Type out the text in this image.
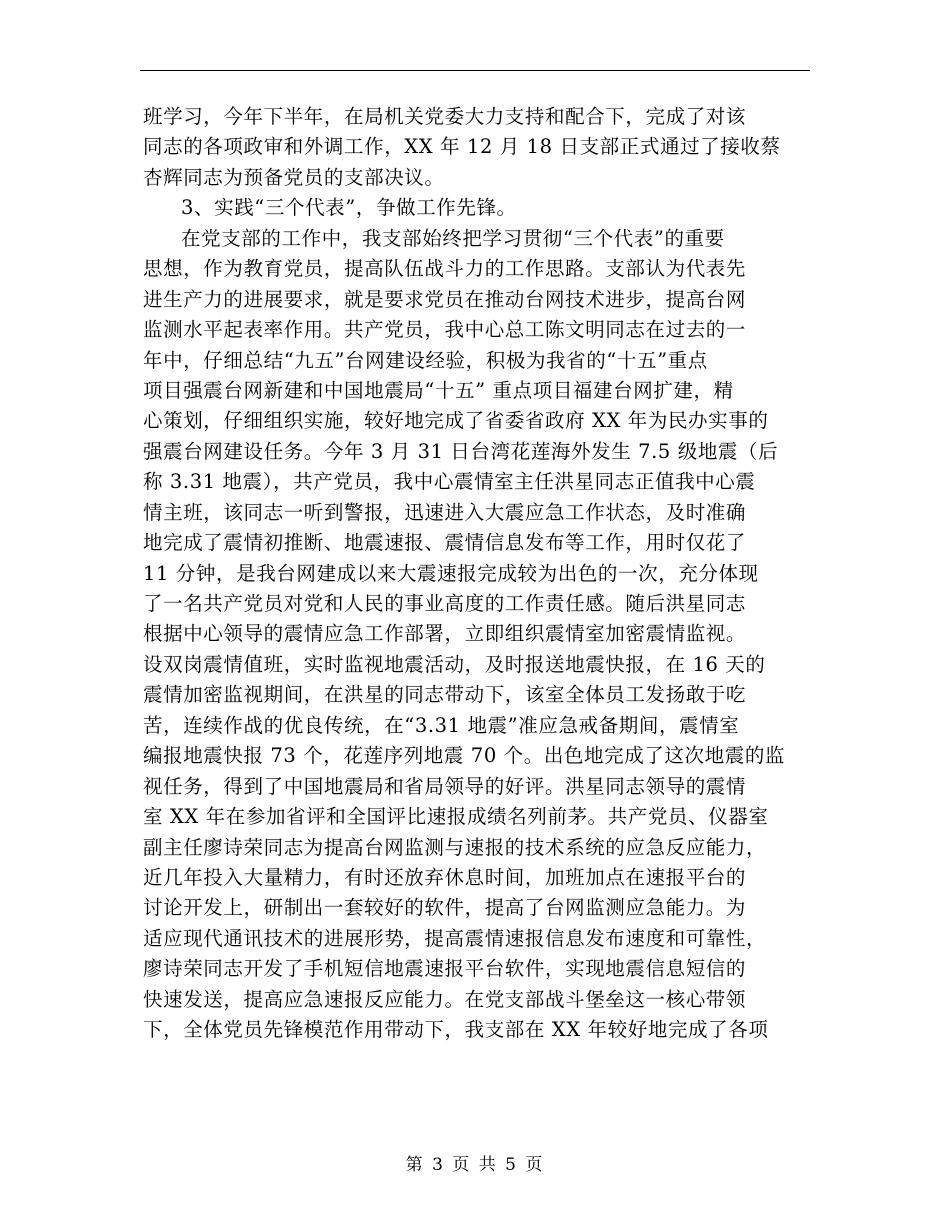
班学习，今年下半年，在局机关党委大力支持和配合下，完成了对该
同志的各项政审和外调工作，XX 年 12 月 18 日支部正式通过了接收蔡
杏辉同志为预备党员的支部决议。
3、实践“三个代表”，争做工作先锋。
在党支部的工作中，我支部始终把学习贯彻“三个代表”的重要
思想，作为教育党员，提高队伍战斗力的工作思路。支部认为代表先
进生产力的进展要求，就是要求党员在推动台网技术进步，提高台网
监测水平起表率作用。共产党员，我中心总工陈文明同志在过去的一
年中，仔细总结“九五”台网建设经验，积极为我省的“十五”重点
项目强震台网新建和中国地震局“十五” 重点项目福建台网扩建，精
心策划，仔细组织实施，较好地完成了省委省政府 XX 年为民办实事的
强震台网建设任务。今年 3 月 31 日台湾花莲海外发生 7.5 级地震（后
称 3.31 地震），共产党员，我中心震情室主任洪星同志正值我中心震
情主班，该同志一听到警报，迅速进入大震应急工作状态，及时准确
地完成了震情初推断、地震速报、震情信息发布等工作，用时仅花了
11 分钟，是我台网建成以来大震速报完成较为出色的一次，充分体现
了一名共产党员对党和人民的事业高度的工作责任感。随后洪星同志
根据中心领导的震情应急工作部署，立即组织震情室加密震情监视。
设双岗震情值班，实时监视地震活动，及时报送地震快报，在 16 天的
震情加密监视期间，在洪星的同志带动下，该室全体员工发扬敢于吃
苦，连续作战的优良传统，在“3.31 地震”准应急戒备期间，震情室
编报地震快报 73 个，花莲序列地震 70 个。出色地完成了这次地震的监
视任务，得到了中国地震局和省局领导的好评。洪星同志领导的震情
室 XX 年在参加省评和全国评比速报成绩名列前茅。共产党员、仪器室
副主任廖诗荣同志为提高台网监测与速报的技术系统的应急反应能力，
近几年投入大量精力，有时还放弃休息时间，加班加点在速报平台的
讨论开发上，研制出一套较好的软件，提高了台网监测应急能力。为
适应现代通讯技术的进展形势，提高震情速报信息发布速度和可靠性，
廖诗荣同志开发了手机短信地震速报平台软件，实现地震信息短信的
快速发送，提高应急速报反应能力。在党支部战斗堡垒这一核心带领
下，全体党员先锋模范作用带动下，我支部在 XX 年较好地完成了各项
第 3 页 共 5 页
